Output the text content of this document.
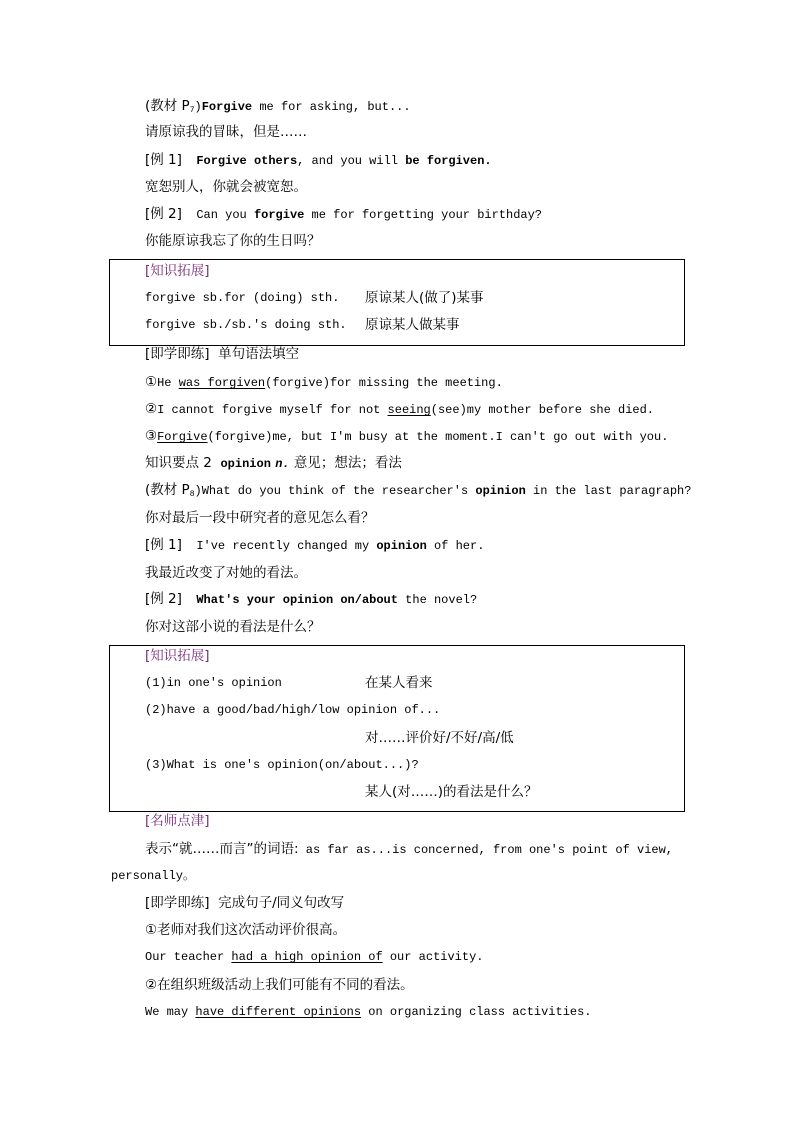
(教材 $P_7)Forgive$ me for asking, but...
请原谅我的冒昧，但是……
[例 1] Forgive others, and you will be forgiven.
宽恕别人，你就会被宽恕。
[例 2] Can you forgive me for forgetting your birthday?
你能原谅我忘了你的生日吗？
[知识拓展]
forgive sb.for (doing) sth. 原谅某人(做了)某事
forgive sb./sb.'s doing sth. 原谅某人做某事
[即学即练]  单句语法填空
①He was forgiven(forgive)for missing the meeting.
②I cannot forgive myself for not seeing(see)my mother before she died.
③Forgive(forgive)me, but I'm busy at the moment.I can't go out with you.
知识要点 2 opinion n. 意见；想法；看法
(教材 $P_8)What$ do you think of the researcher's opinion in the last paragraph?
你对最后一段中研究者的意见怎么看？
[例 1] I've recently changed my opinion of her.
我最近改变了对她的看法。
[例 2] What's your opinion on/about the novel?
你对这部小说的看法是什么？
[知识拓展]
(1)in one's opinion	在某人看来
(2)have a good/bad/high/low opinion of...
对……评价好/不好/高/低
(3)What is one's opinion(on/about...)?
某人(对……)的看法是什么？
[名师点津]
表示“就……而言”的词语: as far as...is concerned, from one's point of view,
personally。
[即学即练]  完成句子/同义句改写
①老师对我们这次活动评价很高。
Our teacher had a high opinion of our activity.
②在组织班级活动上我们可能有不同的看法。
We may have different opinions on organizing class activities.
